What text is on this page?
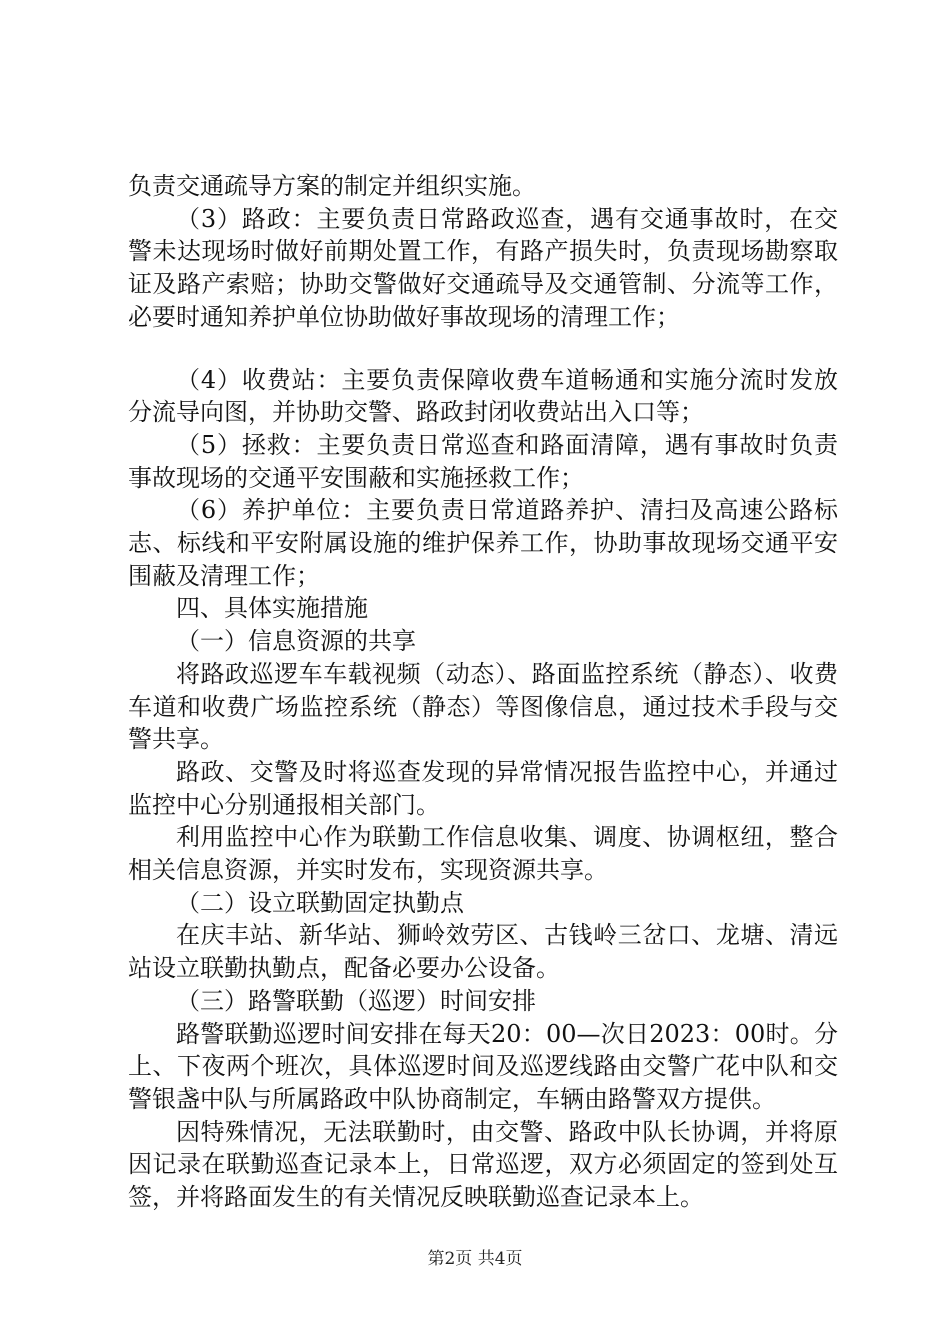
负责交通疏导方案的制定并组织实施。

（3）路政：主要负责日常路政巡查，遇有交通事故时，在交警未达现场时做好前期处置工作，有路产损失时，负责现场勘察取证及路产索赔；协助交警做好交通疏导及交通管制、分流等工作，必要时通知养护单位协助做好事故现场的清理工作；

（4）收费站：主要负责保障收费车道畅通和实施分流时发放分流导向图，并协助交警、路政封闭收费站出入口等；

（5）拯救：主要负责日常巡查和路面清障，遇有事故时负责事故现场的交通平安围蔽和实施拯救工作；

（6）养护单位：主要负责日常道路养护、清扫及高速公路标志、标线和平安附属设施的维护保养工作，协助事故现场交通平安围蔽及清理工作；

四、具体实施措施

（一）信息资源的共享

将路政巡逻车车载视频（动态）、路面监控系统（静态）、收费车道和收费广场监控系统（静态）等图像信息，通过技术手段与交警共享。

路政、交警及时将巡查发现的异常情况报告监控中心，并通过监控中心分别通报相关部门。

利用监控中心作为联勤工作信息收集、调度、协调枢纽，整合相关信息资源，并实时发布，实现资源共享。

（二）设立联勤固定执勤点

在庆丰站、新华站、狮岭效劳区、古钱岭三岔口、龙塘、清远站设立联勤执勤点，配备必要办公设备。

（三）路警联勤（巡逻）时间安排

路警联勤巡逻时间安排在每天20：00—次日2023：00时。分上、下夜两个班次，具体巡逻时间及巡逻线路由交警广花中队和交警银盏中队与所属路政中队协商制定，车辆由路警双方提供。

因特殊情况，无法联勤时，由交警、路政中队长协调，并将原因记录在联勤巡查记录本上，日常巡逻，双方必须固定的签到处互签，并将路面发生的有关情况反映联勤巡查记录本上。

第2页 共4页
